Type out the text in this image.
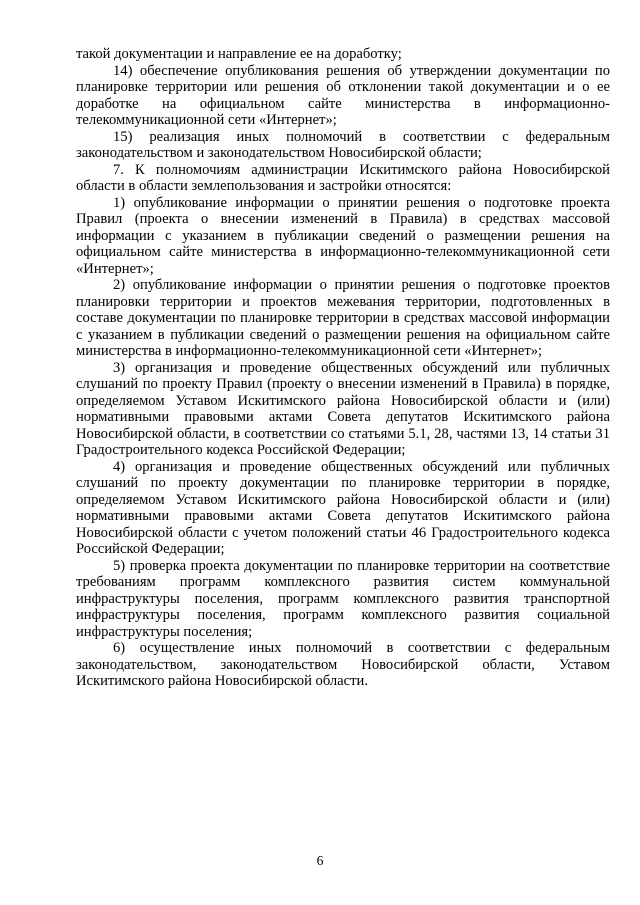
такой документации и направление ее на доработку;

14) обеспечение опубликования решения об утверждении документации по планировке территории или решения об отклонении такой документации и о ее доработке на официальном сайте министерства в информационно-телекоммуникационной сети «Интернет»;

15) реализация иных полномочий в соответствии с федеральным законодательством и законодательством Новосибирской области;

7. К полномочиям администрации Искитимского района Новосибирской области в области землепользования и застройки относятся:

1) опубликование информации о принятии решения о подготовке проекта Правил (проекта о внесении изменений в Правила) в средствах массовой информации с указанием в публикации сведений о размещении решения на официальном сайте министерства в информационно-телекоммуникационной сети «Интернет»;

2) опубликование информации о принятии решения о подготовке проектов планировки территории и проектов межевания территории, подготовленных в составе документации по планировке территории в средствах массовой информации с указанием в публикации сведений о размещении решения на официальном сайте министерства в информационно-телекоммуникационной сети «Интернет»;

3) организация и проведение общественных обсуждений или публичных слушаний по проекту Правил (проекту о внесении изменений в Правила) в порядке, определяемом Уставом Искитимского района Новосибирской области и (или) нормативными правовыми актами Совета депутатов Искитимского района Новосибирской области, в соответствии со статьями 5.1, 28, частями 13, 14 статьи 31 Градостроительного кодекса Российской Федерации;

4) организация и проведение общественных обсуждений или публичных слушаний по проекту документации по планировке территории в порядке, определяемом Уставом Искитимского района Новосибирской области и (или) нормативными правовыми актами Совета депутатов Искитимского района Новосибирской области с учетом положений статьи 46 Градостроительного кодекса Российской Федерации;

5) проверка проекта документации по планировке территории на соответствие требованиям программ комплексного развития систем коммунальной инфраструктуры поселения, программ комплексного развития транспортной инфраструктуры поселения, программ комплексного развития социальной инфраструктуры поселения;

6) осуществление иных полномочий в соответствии с федеральным законодательством, законодательством Новосибирской области, Уставом Искитимского района Новосибирской области.

6
